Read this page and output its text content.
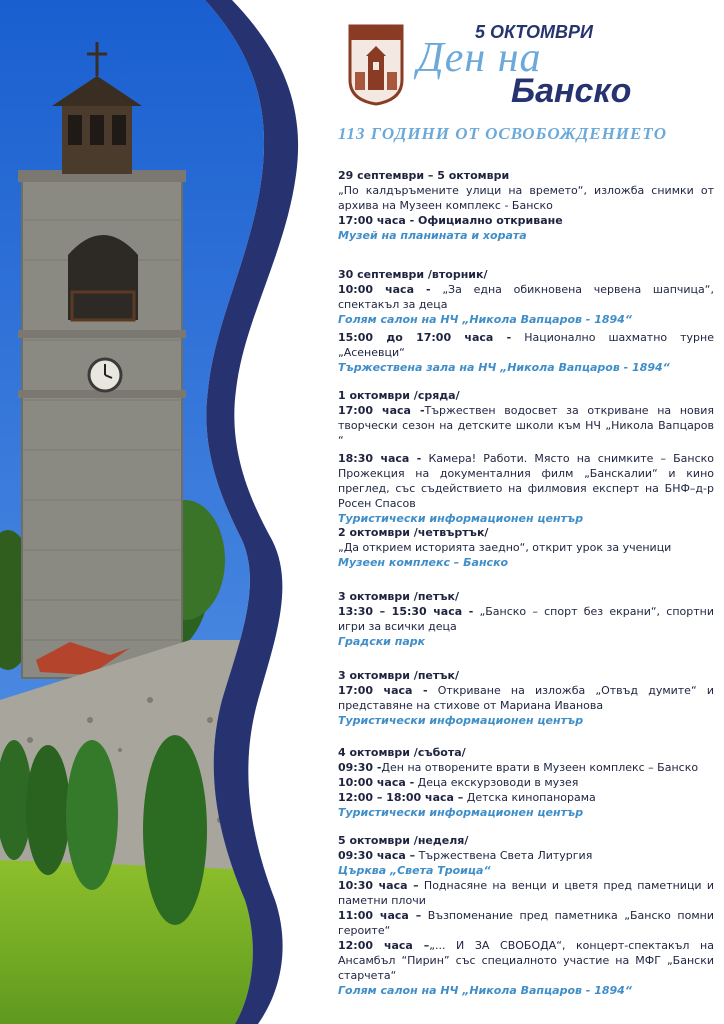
БАНСКО	5 ОКТОМВРИ
Ден на
Банско
113 ГОДИНИ ОТ ОСВОБОЖДЕНИЕТО
29 септември – 5 октомври
„По калдъръмените улици на времето“, изложба снимки от архива на Музеен комплекс - Банско
17:00 часа - Официално откриване
Музей на планината и хората
30 септември /вторник/
10:00 часа - „За една обикновена червена шапчица“, спектакъл за деца
Голям салон на НЧ „Никола Вапцаров - 1894“
15:00 до 17:00 часа - Национално шахматно турне „Асеневци“
Тържествена зала на НЧ „Никола Вапцаров - 1894“
1 октомври /сряда/
17:00 часа -Тържествен водосвет за откриване на новия творчески сезон на детските школи към НЧ „Никола Вапцаров “
18:30 часа - Камера! Работи. Място на снимките – Банско Прожекция на документалния филм „Банскалии“ и кино преглед, със съдействието на филмовия експерт на БНФ–д-р Росен Спасов
Туристически информационен център
2 октомври /четвъртък/
„Да открием историята заедно“, открит урок за ученици
Музеен комплекс – Банско
3 октомври /петък/
13:30 – 15:30 часа - „Банско – спорт без екрани“, спортни игри за всички деца
Градски парк
3 октомври /петък/
17:00 часа - Откриване на изложба „Отвъд думите“ и представяне на стихове от Мариана Иванова
Туристически информационен център
4 октомври /събота/
09:30 -Ден на отворените врати в Музеен комплекс – Банско
10:00 часа - Деца екскурзоводи в музея
12:00 – 18:00 часа – Детска кинопанорама
Туристически информационен център
5 октомври /неделя/
09:30 часа – Тържествена Света Литургия
Църква „Света Троица“
10:30 часа – Поднасяне на венци и цветя пред паметници и паметни плочи
11:00 часа – Възпоменание пред паметника „Банско помни героите“
12:00 часа –„... И ЗА СВОБОДА“, концерт-спектакъл на Ансамбъл “Пирин” със специалното участие на МФГ „Бански старчета“
Голям салон на НЧ „Никола Вапцаров - 1894“
